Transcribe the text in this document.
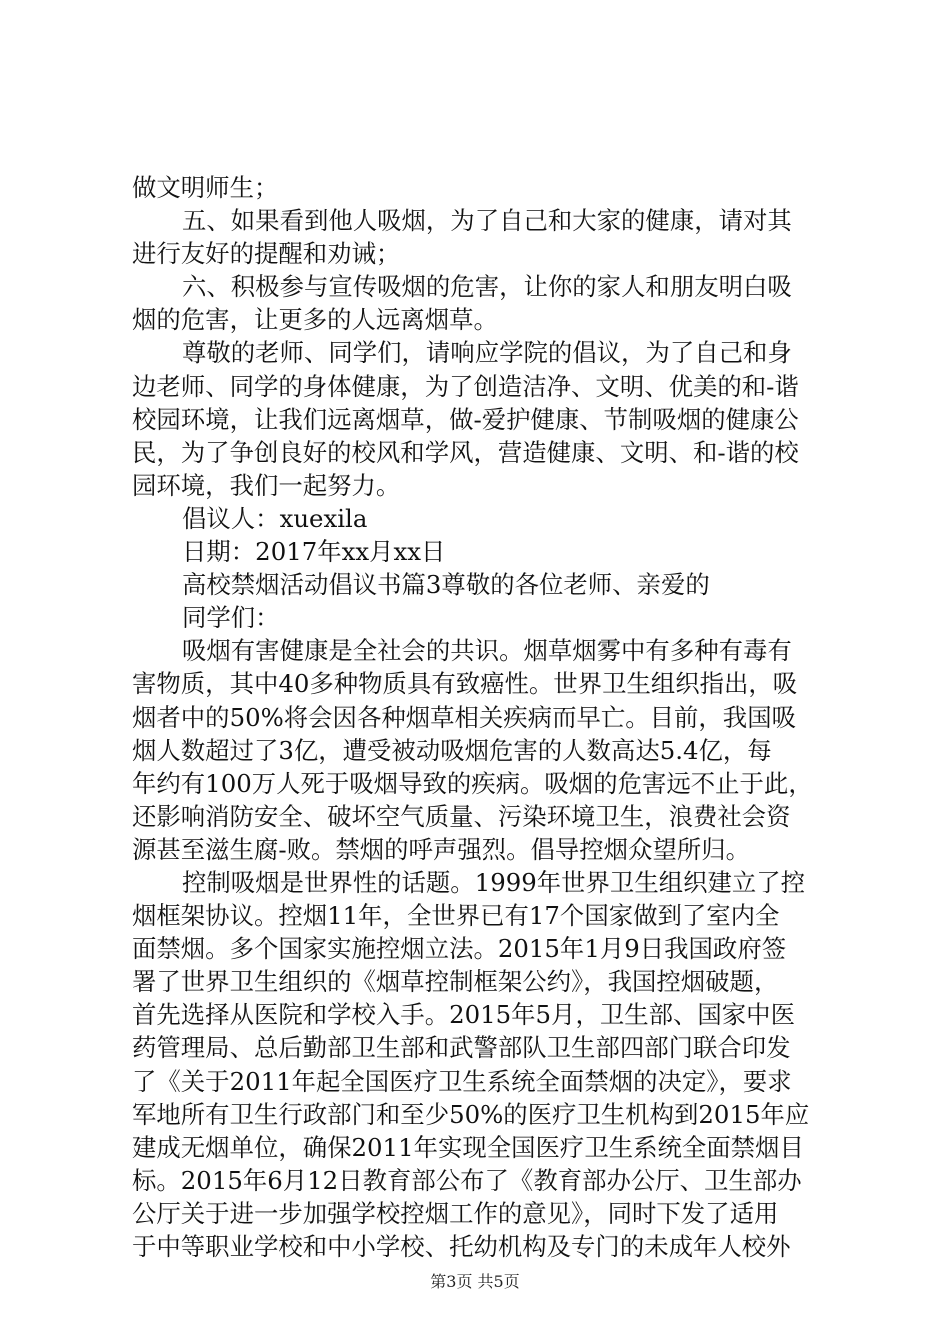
做文明师生；
五、如果看到他人吸烟，为了自己和大家的健康，请对其
进行友好的提醒和劝诫；
六、积极参与宣传吸烟的危害，让你的家人和朋友明白吸
烟的危害，让更多的人远离烟草。
尊敬的老师、同学们，请响应学院的倡议，为了自己和身
边老师、同学的身体健康，为了创造洁净、文明、优美的和-谐
校园环境，让我们远离烟草，做-爱护健康、节制吸烟的健康公
民，为了争创良好的校风和学风，营造健康、文明、和-谐的校
园环境，我们一起努力。
倡议人：xuexila
日期：2017年xx月xx日
高校禁烟活动倡议书篇3尊敬的各位老师、亲爱的
同学们：
吸烟有害健康是全社会的共识。烟草烟雾中有多种有毒有
害物质，其中40多种物质具有致癌性。世界卫生组织指出，吸
烟者中的50%将会因各种烟草相关疾病而早亡。目前，我国吸
烟人数超过了3亿，遭受被动吸烟危害的人数高达5.4亿，每
年约有100万人死于吸烟导致的疾病。吸烟的危害远不止于此，
还影响消防安全、破坏空气质量、污染环境卫生，浪费社会资
源甚至滋生腐-败。禁烟的呼声强烈。倡导控烟众望所归。
控制吸烟是世界性的话题。1999年世界卫生组织建立了控
烟框架协议。控烟11年，全世界已有17个国家做到了室内全
面禁烟。多个国家实施控烟立法。2015年1月9日我国政府签
署了世界卫生组织的《烟草控制框架公约》，我国控烟破题，
首先选择从医院和学校入手。2015年5月，卫生部、国家中医
药管理局、总后勤部卫生部和武警部队卫生部四部门联合印发
了《关于2011年起全国医疗卫生系统全面禁烟的决定》，要求
军地所有卫生行政部门和至少50%的医疗卫生机构到2015年应
建成无烟单位，确保2011年实现全国医疗卫生系统全面禁烟目
标。2015年6月12日教育部公布了《教育部办公厅、卫生部办
公厅关于进一步加强学校控烟工作的意见》，同时下发了适用
于中等职业学校和中小学校、托幼机构及专门的未成年人校外
第3页 共5页
